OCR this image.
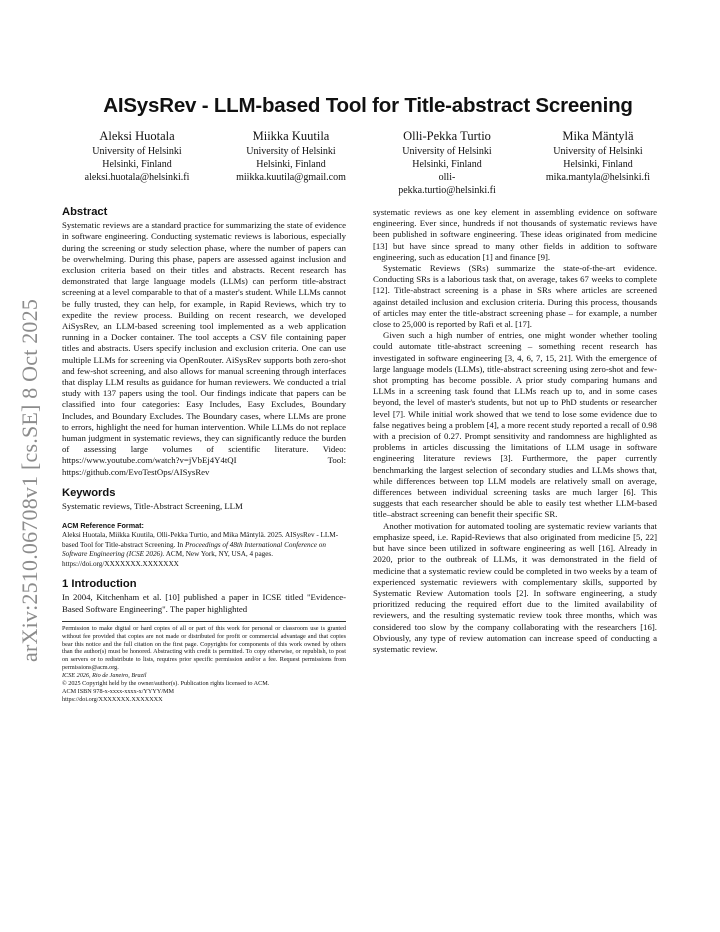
arXiv:2510.06708v1 [cs.SE] 8 Oct 2025
AISysRev - LLM-based Tool for Title-abstract Screening
Aleksi Huotala
University of Helsinki
Helsinki, Finland
aleksi.huotala@helsinki.fi
Miikka Kuutila
University of Helsinki
Helsinki, Finland
miikka.kuutila@gmail.com
Olli-Pekka Turtio
University of Helsinki
Helsinki, Finland
olli-
pekka.turtio@helsinki.fi
Mika Mäntylä
University of Helsinki
Helsinki, Finland
mika.mantyla@helsinki.fi
Abstract

Systematic reviews are a standard practice for summarizing the state of evidence in software engineering. Conducting systematic reviews is laborious, especially during the screening or study selection phase, where the number of papers can be overwhelming. During this phase, papers are assessed against inclusion and exclusion criteria based on their titles and abstracts. Recent research has demonstrated that large language models (LLMs) can perform title-abstract screening at a level comparable to that of a master's student. While LLMs cannot be fully trusted, they can help, for example, in Rapid Reviews, which try to expedite the review process. Building on recent research, we developed AiSysRev, an LLM-based screening tool implemented as a web application running in a Docker container. The tool accepts a CSV file containing paper titles and abstracts. Users specify inclusion and exclusion criteria. One can use multiple LLMs for screening via OpenRouter. AiSysRev supports both zero-shot and few-shot screening, and also allows for manual screening through interfaces that display LLM results as guidance for human reviewers. We conducted a trial study with 137 papers using the tool. Our findings indicate that papers can be classified into four categories: Easy Includes, Easy Excludes, Boundary Includes, and Boundary Excludes. The Boundary cases, where LLMs are prone to errors, highlight the need for human intervention. While LLMs do not replace human judgment in systematic reviews, they can significantly reduce the burden of assessing large volumes of scientific literature. Video: https://www.youtube.com/watch?v=jVbEj4Y4tQI Tool: https://github.com/EvoTestOps/AISysRev

Keywords

Systematic reviews, Title-Abstract Screening, LLM

ACM Reference Format:

Aleksi Huotala, Miikka Kuutila, Olli-Pekka Turtio, and Mika Mäntylä. 2025. AISysRev - LLM-based Tool for Title-abstract Screening. In Proceedings of 48th International Conference on Software Engineering (ICSE 2026). ACM, New York, NY, USA, 4 pages. https://doi.org/XXXXXXX.XXXXXXX

1 Introduction

In 2004, Kitchenham et al. [10] published a paper in ICSE titled "Evidence-Based Software Engineering". The paper highlighted

Permission to make digital or hard copies of all or part of this work for personal or classroom use is granted without fee provided that copies are not made or distributed for profit or commercial advantage and that copies bear this notice and the full citation on the first page. Copyrights for components of this work owned by others than the author(s) must be honored. Abstracting with credit is permitted. To copy otherwise, or republish, to post on servers or to redistribute to lists, requires prior specific permission and/or a fee. Request permissions from permissions@acm.org.

ICSE 2026, Rio de Janeiro, Brazil

© 2025 Copyright held by the owner/author(s). Publication rights licensed to ACM.

ACM ISBN 978-x-xxxx-xxxx-x/YYYY/MM

https://doi.org/XXXXXXX.XXXXXXX

systematic reviews as one key element in assembling evidence on software engineering. Ever since, hundreds if not thousands of systematic reviews have been published in software engineering. These ideas originated from medicine [13] but have since spread to many other fields in addition to software engineering, such as education [1] and finance [9].

Systematic Reviews (SRs) summarize the state-of-the-art evidence. Conducting SRs is a laborious task that, on average, takes 67 weeks to complete [12]. Title-abstract screening is a phase in SRs where articles are screened against detailed inclusion and exclusion criteria. During this process, thousands of articles may enter the title-abstract screening phase – for example, a number close to 25,000 is reported by Rafi et al. [17].

Given such a high number of entries, one might wonder whether tooling could automate title-abstract screening – something recent research has investigated in software engineering [3, 4, 6, 7, 15, 21]. With the emergence of large language models (LLMs), title-abstract screening using zero-shot and few-shot prompting has become possible. A prior study comparing humans and LLMs in a screening task found that LLMs reach up to, and in some cases beyond, the level of master's students, but not up to PhD students or researcher level [7]. While initial work showed that we tend to lose some evidence due to false negatives being a problem [4], a more recent study reported a recall of 0.98 with a precision of 0.27. Prompt sensitivity and randomness are highlighted as problems in articles discussing the limitations of LLM usage in software engineering literature reviews [3]. Furthermore, the paper currently benchmarking the largest selection of secondary studies and LLMs shows that, while differences between top LLM models are relatively small on average, differences between individual screening tasks are much larger [6]. This suggests that each researcher should be able to easily test whether LLM-based title–abstract screening can benefit their specific SR.

Another motivation for automated tooling are systematic review variants that emphasize speed, i.e. Rapid-Reviews that also originated from medicine [5, 22] but have since been utilized in software engineering as well [16]. Already in 2020, prior to the outbreak of LLMs, it was demonstrated in the field of medicine that a systematic review could be completed in two weeks by a team of experienced systematic reviewers with complementary skills, supported by Systematic Review Automation tools [2]. In software engineering, a study prioritized reducing the required effort due to the limited availability of reviewers, and the resulting systematic review took three months, which was considered too slow by the company collaborating with the researchers [16]. Obviously, any type of review automation can increase speed of conducting a systematic review.
